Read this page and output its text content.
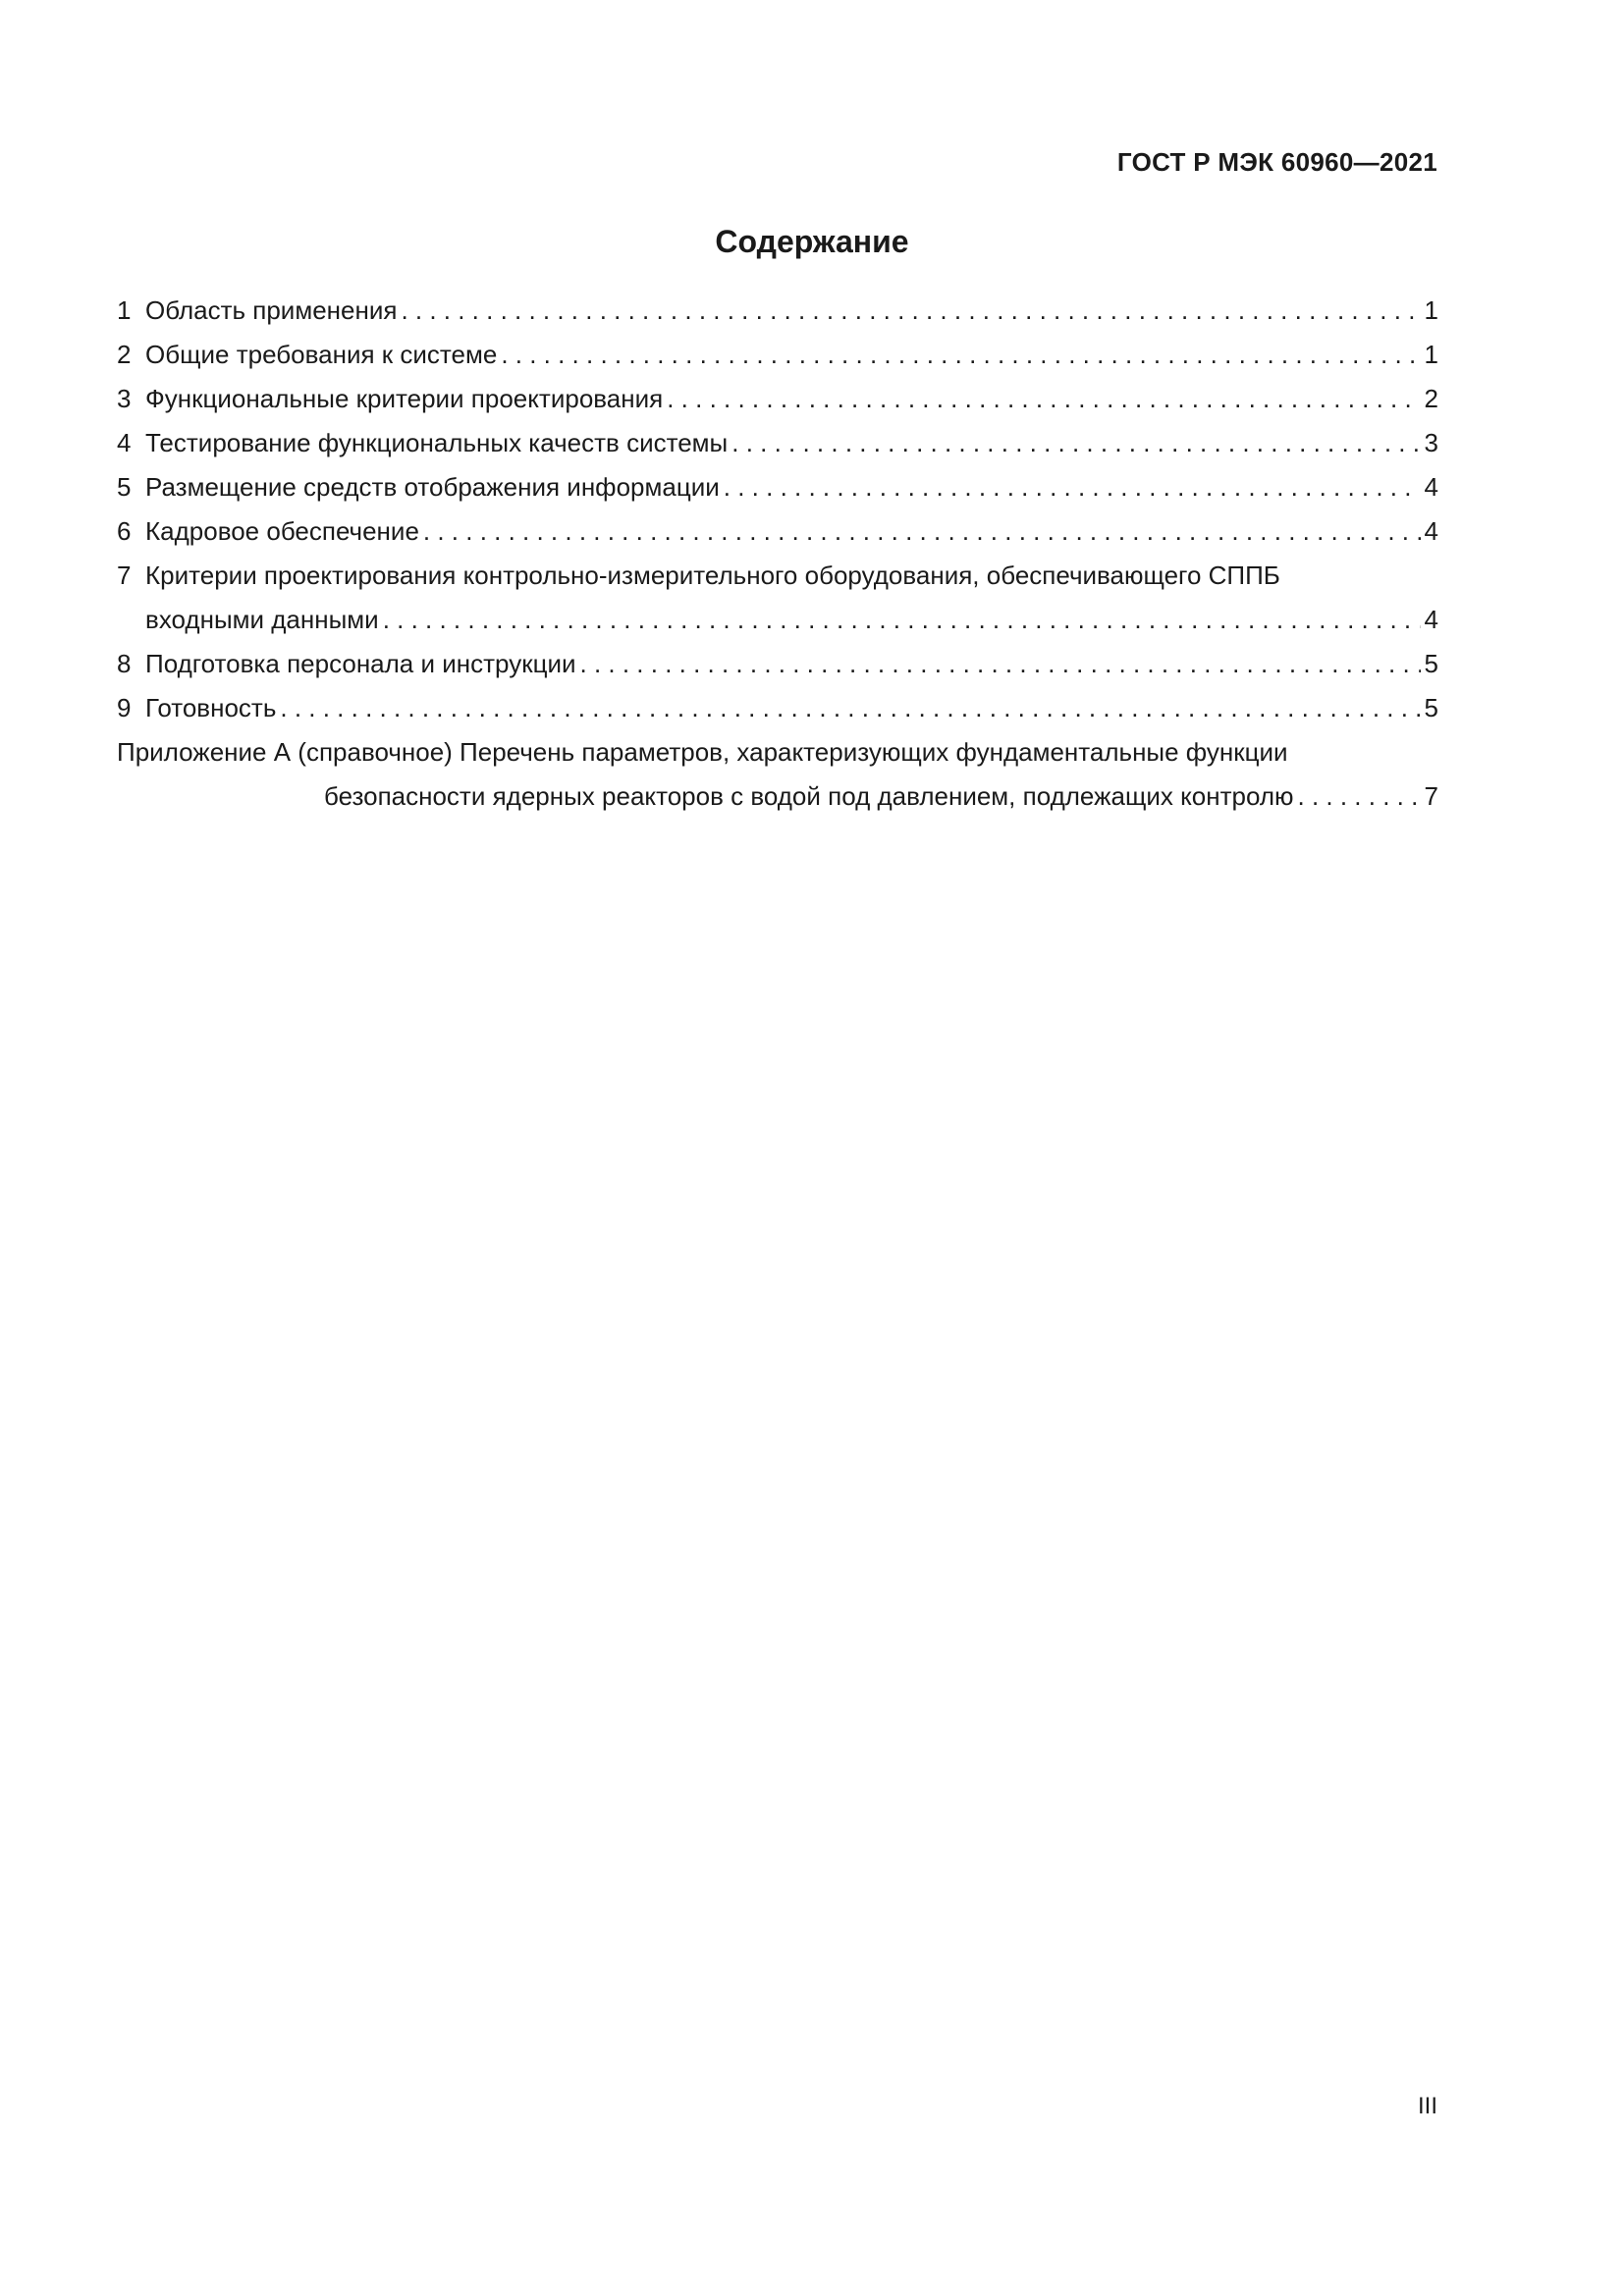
ГОСТ Р МЭК 60960—2021
Содержание
1 Область применения . . .	1
2 Общие требования к системе . . .	1
3 Функциональные критерии проектирования . . .	2
4 Тестирование функциональных качеств системы . . .	3
5 Размещение средств отображения информации . . .	4
6 Кадровое обеспечение . . .	4
7 Критерии проектирования контрольно-измерительного оборудования, обеспечивающего СППБ
входными данными . . .	4
8 Подготовка персонала и инструкции . . .	5
9 Готовность . . .	5
Приложение А (справочное) Перечень параметров, характеризующих фундаментальные функции
безопасности ядерных реакторов с водой под давлением, подлежащих контролю . . .	7
III
